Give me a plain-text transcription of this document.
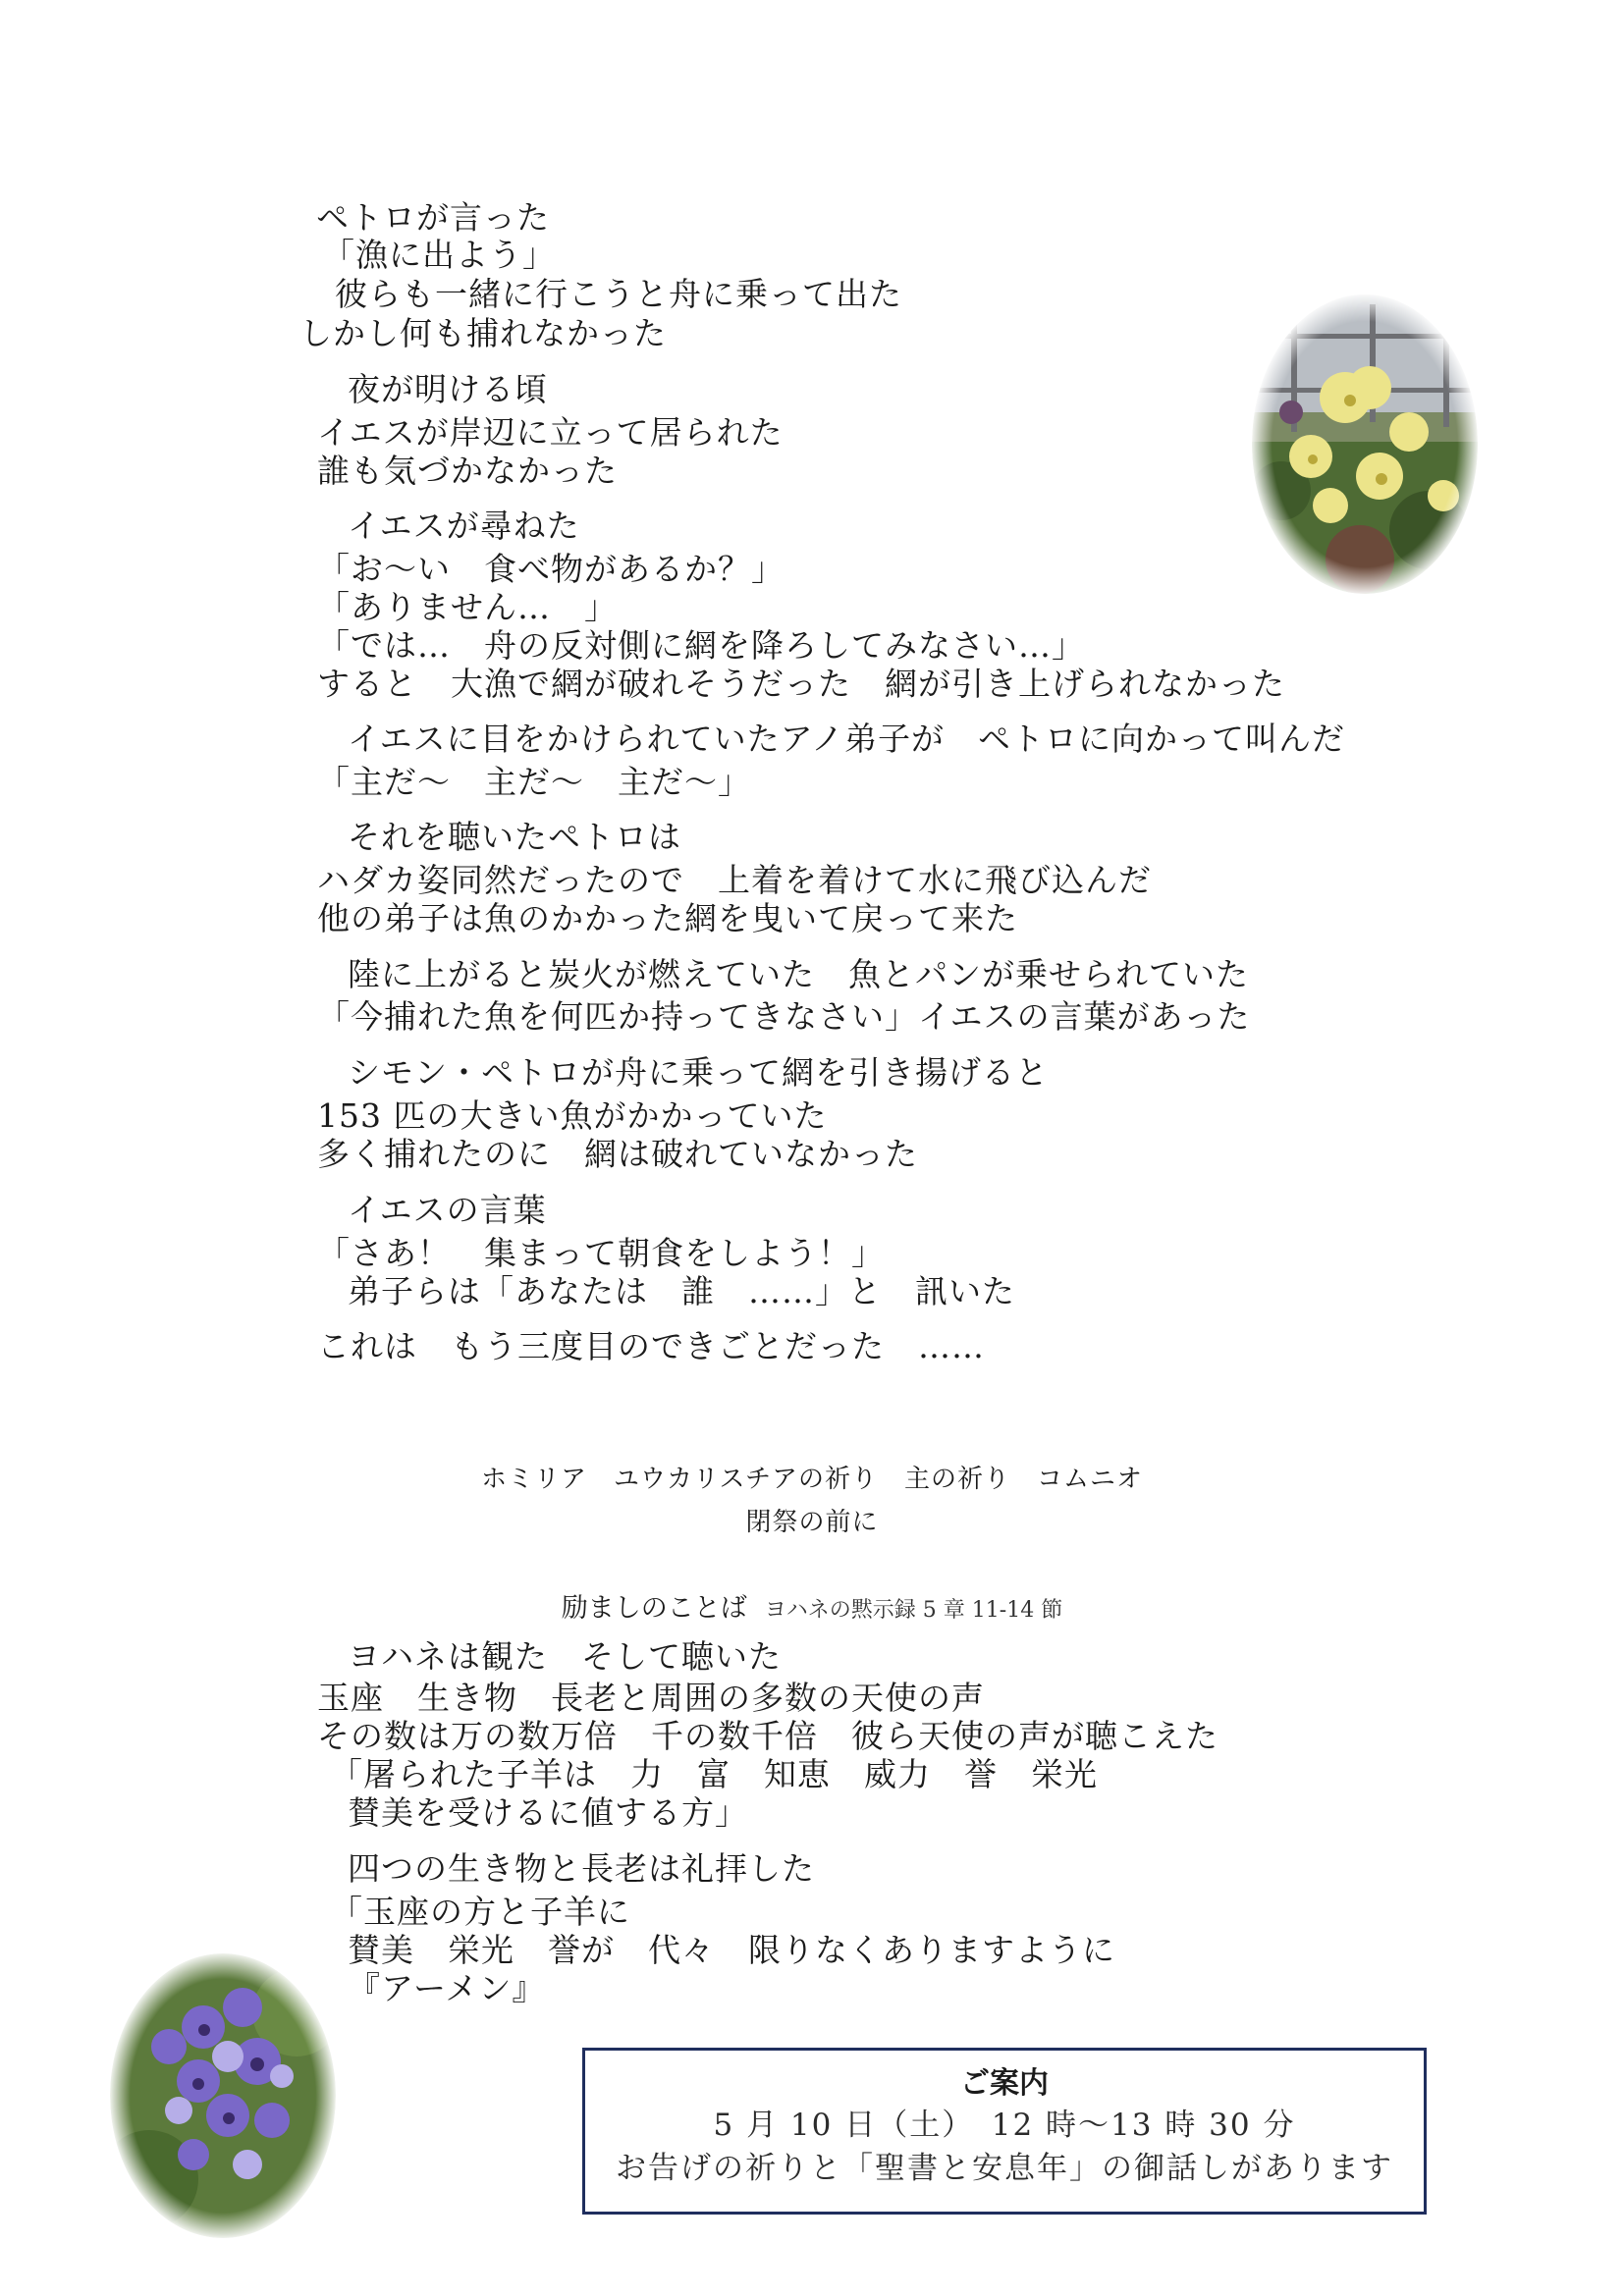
ペトロが言った
「漁に出よう」
彼らも一緒に行こうと舟に乗って出た
しかし何も捕れなかった
夜が明ける頃
イエスが岸辺に立って居られた
誰も気づかなかった
イエスが尋ねた
「お～い　食べ物があるか？」
「ありません…　」
「では…　舟の反対側に網を降ろしてみなさい…」
すると　大漁で網が破れそうだった　網が引き上げられなかった
イエスに目をかけられていたアノ弟子が　ペトロに向かって叫んだ
「主だ～　主だ～　主だ～」
それを聴いたペトロは
ハダカ姿同然だったので　上着を着けて水に飛び込んだ
他の弟子は魚のかかった網を曳いて戻って来た
陸に上がると炭火が燃えていた　魚とパンが乗せられていた
「今捕れた魚を何匹か持ってきなさい」イエスの言葉があった
シモン・ペトロが舟に乗って網を引き揚げると
153 匹の大きい魚がかかっていた
多く捕れたのに　網は破れていなかった
イエスの言葉
「さあ！　集まって朝食をしよう！」
弟子らは「あなたは　誰　……」と　訊いた
これは　もう三度目のできごとだった　……
ホミリア　ユウカリスチアの祈り　主の祈り　コムニオ
閉祭の前に
励ましのことば ヨハネの黙示録 5 章 11-14 節
ヨハネは観た　そして聴いた
玉座　生き物　長老と周囲の多数の天使の声
その数は万の数万倍　千の数千倍　彼ら天使の声が聴こえた
「屠られた子羊は　力　富　知恵　威力　誉　栄光
賛美を受けるに値する方」
四つの生き物と長老は礼拝した
「玉座の方と子羊に
賛美　栄光　誉が　代々　限りなくありますように
『アーメン』
ご案内
5 月 10 日（土）　12 時～13 時 30 分
お告げの祈りと「聖書と安息年」の御話しがあります
